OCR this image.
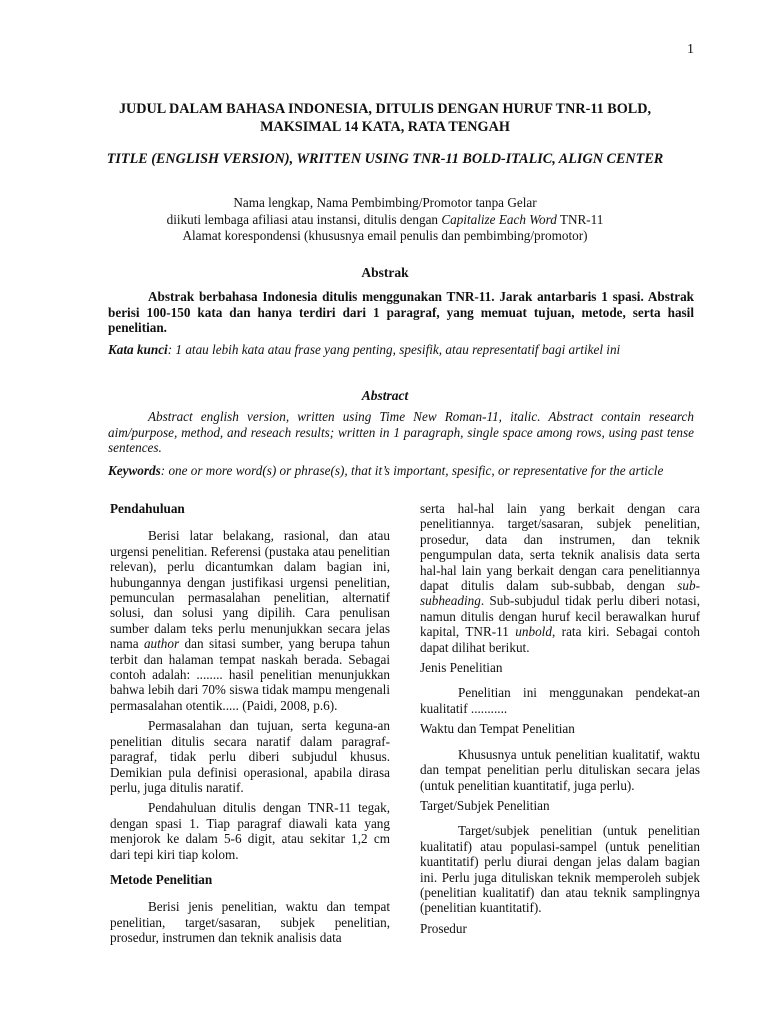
1
JUDUL DALAM BAHASA INDONESIA, DITULIS DENGAN HURUF TNR-11 BOLD, MAKSIMAL 14 KATA, RATA TENGAH
TITLE (ENGLISH VERSION), WRITTEN USING TNR-11 BOLD-ITALIC, ALIGN CENTER
Nama lengkap, Nama Pembimbing/Promotor tanpa Gelar
diikuti lembaga afiliasi atau instansi, ditulis dengan Capitalize Each Word TNR-11
Alamat korespondensi (khususnya email penulis dan pembimbing/promotor)
Abstrak
Abstrak berbahasa Indonesia ditulis menggunakan TNR-11. Jarak antarbaris 1 spasi. Abstrak berisi 100-150 kata dan hanya terdiri dari 1 paragraf, yang memuat tujuan, metode, serta hasil penelitian.
Kata kunci: 1 atau lebih kata atau frase yang penting, spesifik, atau representatif bagi artikel ini
Abstract
Abstract english version, written using Time New Roman-11, italic. Abstract contain research aim/purpose, method, and reseach results; written in 1 paragraph, single space among rows, using past tense sentences.
Keywords: one or more word(s) or phrase(s), that it’s important, spesific, or representative for the article
Pendahuluan

Berisi latar belakang, rasional, dan atau urgensi penelitian. Referensi (pustaka atau penelitian relevan), perlu dicantumkan dalam bagian ini, hubungannya dengan justifikasi urgensi penelitian, pemunculan permasalahan penelitian, alternatif solusi, dan solusi yang dipilih. Cara penulisan sumber dalam teks perlu menunjukkan secara jelas nama author dan sitasi sumber, yang berupa tahun terbit dan halaman tempat naskah berada. Sebagai contoh adalah: ........ hasil penelitian menunjukkan bahwa lebih dari 70% siswa tidak mampu mengenali permasalahan otentik..... (Paidi, 2008, p.6).

Permasalahan dan tujuan, serta keguna-an penelitian ditulis secara naratif dalam paragraf-paragraf, tidak perlu diberi subjudul khusus. Demikian pula definisi operasional, apabila dirasa perlu, juga ditulis naratif.

Pendahuluan ditulis dengan TNR-11 tegak, dengan spasi 1. Tiap paragraf diawali kata yang menjorok ke dalam 5-6 digit, atau sekitar 1,2 cm dari tepi kiri tiap kolom.

Metode Penelitian

Berisi jenis penelitian, waktu dan tempat penelitian, target/sasaran, subjek penelitian, prosedur, instrumen dan teknik analisis data

serta hal-hal lain yang berkait dengan cara penelitiannya. target/sasaran, subjek penelitian, prosedur, data dan instrumen, dan teknik pengumpulan data, serta teknik analisis data serta hal-hal lain yang berkait dengan cara penelitiannya dapat ditulis dalam sub-subbab, dengan sub-subheading. Sub-subjudul tidak perlu diberi notasi, namun ditulis dengan huruf kecil berawalkan huruf kapital, TNR-11 unbold, rata kiri. Sebagai contoh dapat dilihat berikut.

Jenis Penelitian

Penelitian ini menggunakan pendekat-an kualitatif ...........

Waktu dan Tempat Penelitian

Khususnya untuk penelitian kualitatif, waktu dan tempat penelitian perlu dituliskan secara jelas (untuk penelitian kuantitatif, juga perlu).

Target/Subjek Penelitian

Target/subjek penelitian (untuk penelitian kualitatif) atau populasi-sampel (untuk penelitian kuantitatif) perlu diurai dengan jelas dalam bagian ini. Perlu juga dituliskan teknik memperoleh subjek (penelitian kualitatif) dan atau teknik samplingnya (penelitian kuantitatif).

Prosedur
